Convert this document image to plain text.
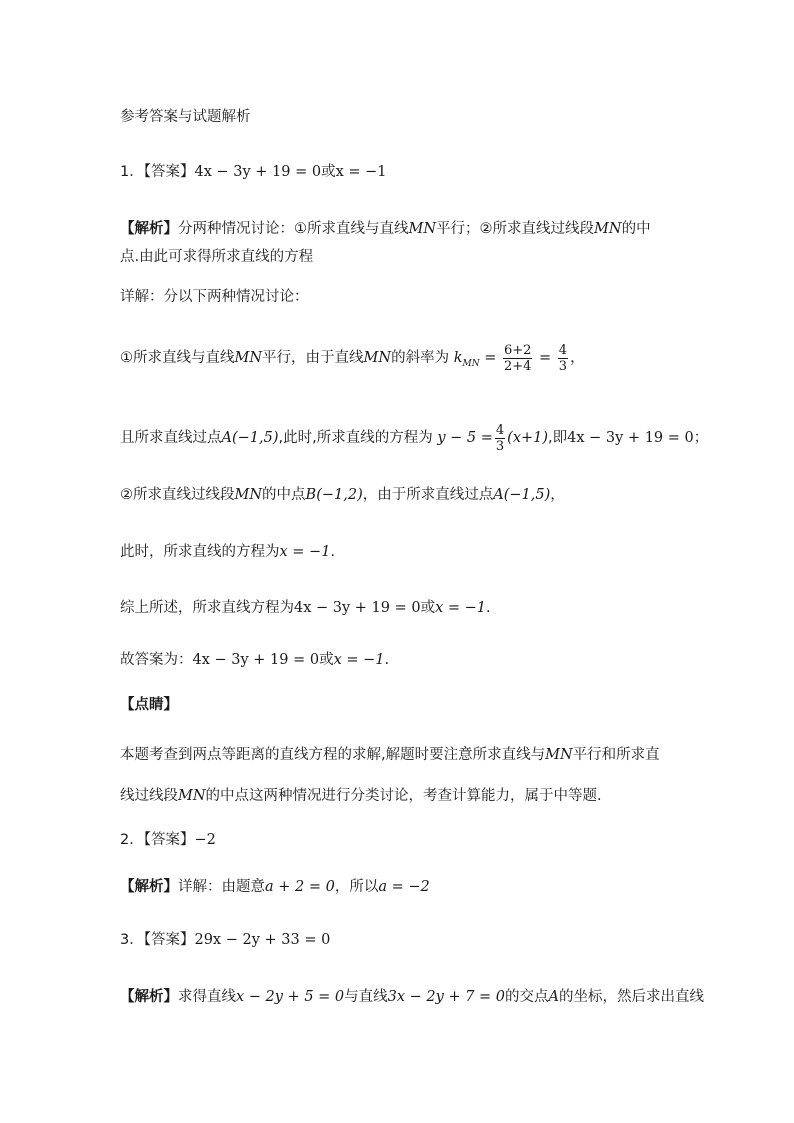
参考答案与试题解析
1．【答案】4x − 3y + 19 = 0或x = −1
【解析】分两种情况讨论：①所求直线与直线MN平行；②所求直线过线段MN的中
点.由此可求得所求直线的方程
详解：分以下两种情况讨论：
①所求直线与直线MN平行，由于直线MN的斜率为 $k_{MN} = \frac{6+2}{2+4} = \frac{4}{3}$ ，
且所求直线过点A(−1,5),此时,所求直线的方程为 $y - 5 = \frac{4}{3} (x+1)$,即4x − 3y + 19 = 0；
②所求直线过线段MN的中点B(−1,2)，由于所求直线过点A(−1,5)，
此时，所求直线的方程为x = −1.
综上所述，所求直线方程为4x − 3y + 19 = 0或x = −1.
故答案为：4x − 3y + 19 = 0或x = −1.
【点睛】
本题考查到两点等距离的直线方程的求解,解题时要注意所求直线与MN平行和所求直
线过线段MN的中点这两种情况进行分类讨论，考查计算能力，属于中等题.
2．【答案】−2
【解析】详解：由题意a + 2 = 0，所以a = −2
3．【答案】29x − 2y + 33 = 0
【解析】求得直线x − 2y + 5 = 0与直线3x − 2y + 7 = 0的交点A的坐标，然后求出直线
